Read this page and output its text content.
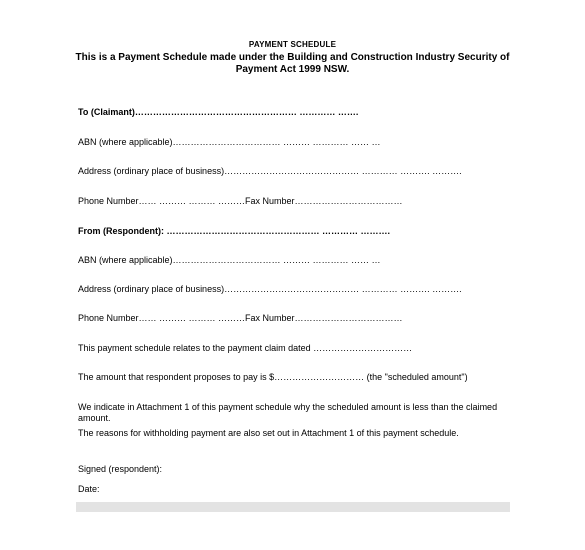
PAYMENT SCHEDULE
This is a Payment Schedule made under the Building and Construction Industry Security of Payment Act 1999 NSW.
To (Claimant)……………………………………………… ………… …….
ABN (where applicable)……………………………… ……… ………… …… …
Address (ordinary place of business)……………………………………… ………… ………. ……….
Phone Number…… ……… ……… ………Fax Number………………………………
From (Respondent): …………………………………………… ………… ……….
ABN (where applicable)……………………………… ……… ………… …… …
Address (ordinary place of business)……………………………………… ………… ………. ……….
Phone Number…… ……… ……… ………Fax Number………………………………
This payment schedule relates to the payment claim dated ……………………………
The amount that respondent proposes to pay is $………………………… (the "scheduled amount")
We indicate in Attachment 1 of this payment schedule why the scheduled amount is less than the claimed amount.
The reasons for withholding payment are also set out in Attachment 1 of this payment schedule.
Signed (respondent):
Date:
